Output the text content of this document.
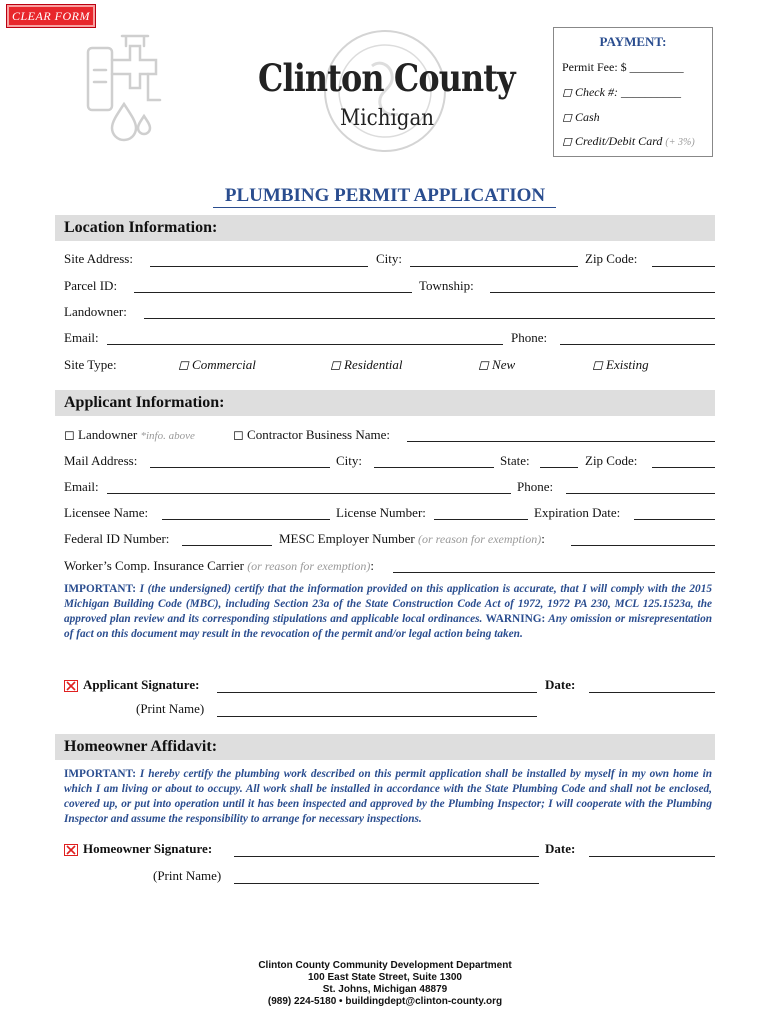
CLEAR FORM
Clinton County
Michigan
PAYMENT:
Permit Fee: $ _________
◻ Check #: __________
◻ Cash
◻ Credit/Debit Card (+ 3%)
PLUMBING PERMIT APPLICATION
Location Information:
Site Address:	City:	Zip Code:
Parcel ID:	Township:
Landowner:
Email:	Phone:
Site Type:	◻ Commercial	◻ Residential	◻ New	◻ Existing
Applicant Information:
◻ Landowner *info. above	◻ Contractor Business Name:
Mail Address:	City:	State:	Zip Code:
Email:	Phone:
Licensee Name:	License Number:	Expiration Date:
Federal ID Number:	MESC Employer Number (or reason for exemption):
Worker’s Comp. Insurance Carrier (or reason for exemption):
IMPORTANT: I (the undersigned) certify that the information provided on this application is accurate, that I will comply with the 2015 Michigan Building Code (MBC), including Section 23a of the State Construction Code Act of 1972, 1972 PA 230, MCL 125.1523a, the approved plan review and its corresponding stipulations and applicable local ordinances. WARNING: Any omission or misrepresentation of fact on this document may result in the revocation of the permit and/or legal action being taken.
Applicant Signature:	Date:
(Print Name)
Homeowner Affidavit:
IMPORTANT: I hereby certify the plumbing work described on this permit application shall be installed by myself in my own home in which I am living or about to occupy. All work shall be installed in accordance with the State Plumbing Code and shall not be enclosed, covered up, or put into operation until it has been inspected and approved by the Plumbing Inspector; I will cooperate with the Plumbing Inspector and assume the responsibility to arrange for necessary inspections.
Homeowner Signature:	Date:
(Print Name)
Clinton County Community Development Department
100 East State Street, Suite 1300
St. Johns, Michigan 48879
(989) 224-5180 • buildingdept@clinton-county.org
